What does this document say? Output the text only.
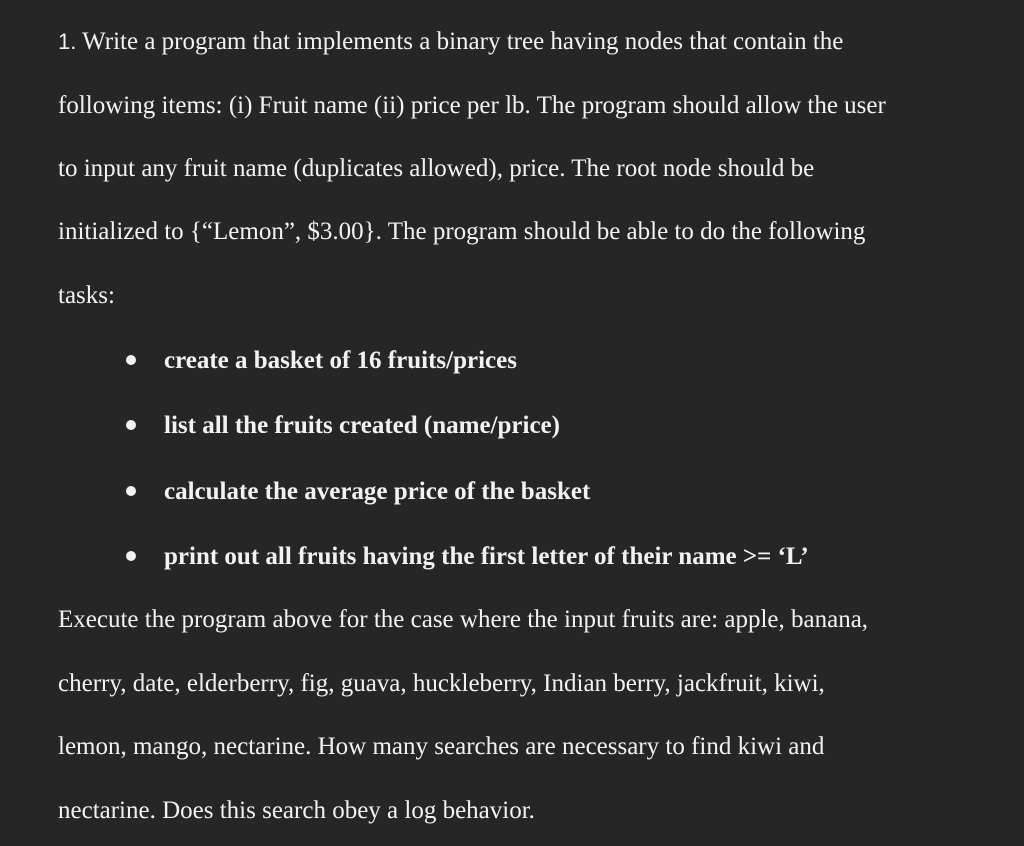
1. Write a program that implements a binary tree having nodes that contain the
following items: (i) Fruit name (ii) price per lb. The program should allow the user
to input any fruit name (duplicates allowed), price. The root node should be
initialized to {“Lemon”, $3.00}. The program should be able to do the following
tasks:
create a basket of 16 fruits/prices
list all the fruits created (name/price)
calculate the average price of the basket
print out all fruits having the first letter of their name >= ‘L’
Execute the program above for the case where the input fruits are: apple, banana,
cherry, date, elderberry, fig, guava, huckleberry, Indian berry, jackfruit, kiwi,
lemon, mango, nectarine. How many searches are necessary to find kiwi and
nectarine. Does this search obey a log behavior.
